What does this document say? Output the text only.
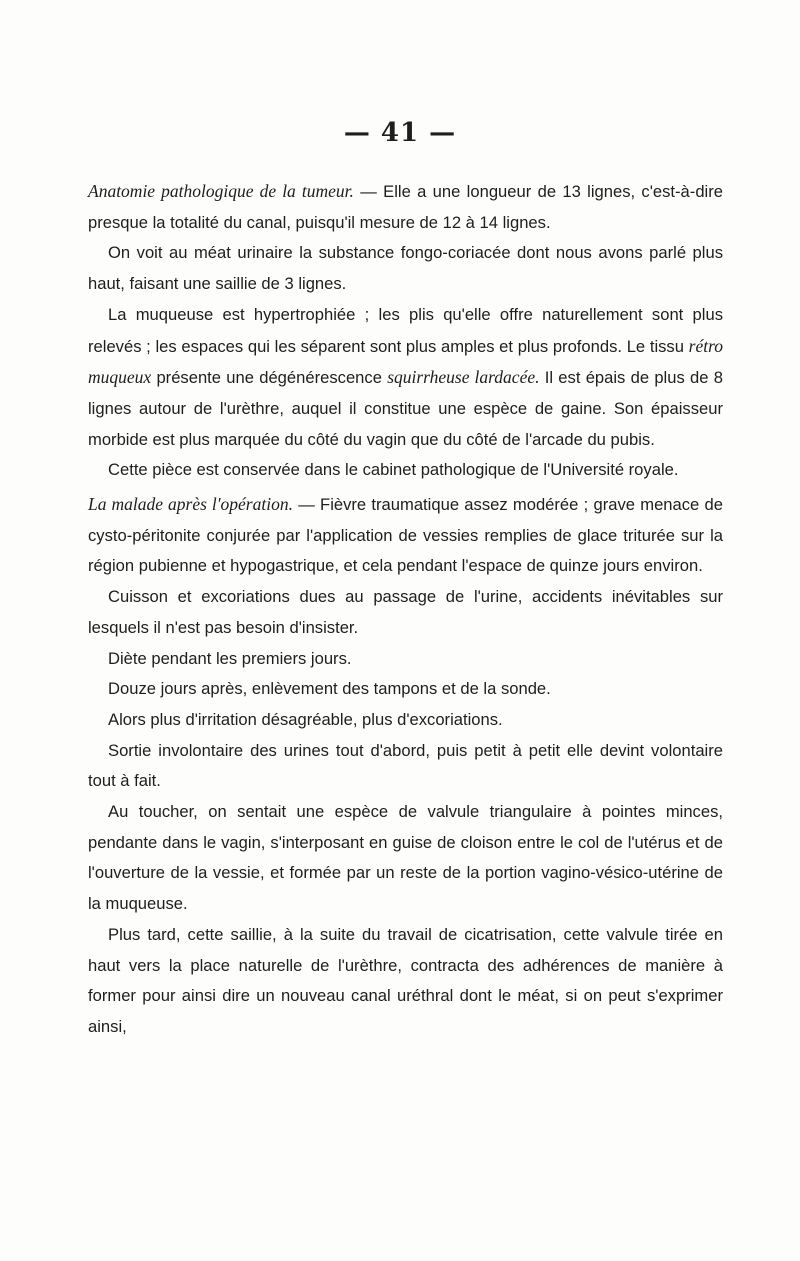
— 41 —

Anatomie pathologique de la tumeur. — Elle a une longueur de 13 lignes, c'est-à-dire presque la totalité du canal, puisqu'il mesure de 12 à 14 lignes.

On voit au méat urinaire la substance fongo-coriacée dont nous avons parlé plus haut, faisant une saillie de 3 lignes.

La muqueuse est hypertrophiée ; les plis qu'elle offre naturellement sont plus relevés ; les espaces qui les séparent sont plus amples et plus profonds. Le tissu rétro muqueux présente une dégénérescence squirrheuse lardacée. Il est épais de plus de 8 lignes autour de l'urèthre, auquel il constitue une espèce de gaine. Son épaisseur morbide est plus marquée du côté du vagin que du côté de l'arcade du pubis.

Cette pièce est conservée dans le cabinet pathologique de l'Université royale.

La malade après l'opération. — Fièvre traumatique assez modérée ; grave menace de cysto-péritonite conjurée par l'application de vessies remplies de glace triturée sur la région pubienne et hypogastrique, et cela pendant l'espace de quinze jours environ.

Cuisson et excoriations dues au passage de l'urine, accidents inévitables sur lesquels il n'est pas besoin d'insister.

Diète pendant les premiers jours.

Douze jours après, enlèvement des tampons et de la sonde.

Alors plus d'irritation désagréable, plus d'excoriations.

Sortie involontaire des urines tout d'abord, puis petit à petit elle devint volontaire tout à fait.

Au toucher, on sentait une espèce de valvule triangulaire à pointes minces, pendante dans le vagin, s'interposant en guise de cloison entre le col de l'utérus et de l'ouverture de la vessie, et formée par un reste de la portion vagino-vésico-utérine de la muqueuse.

Plus tard, cette saillie, à la suite du travail de cicatrisation, cette valvule tirée en haut vers la place naturelle de l'urèthre, contracta des adhérences de manière à former pour ainsi dire un nouveau canal uréthral dont le méat, si on peut s'exprimer ainsi,
